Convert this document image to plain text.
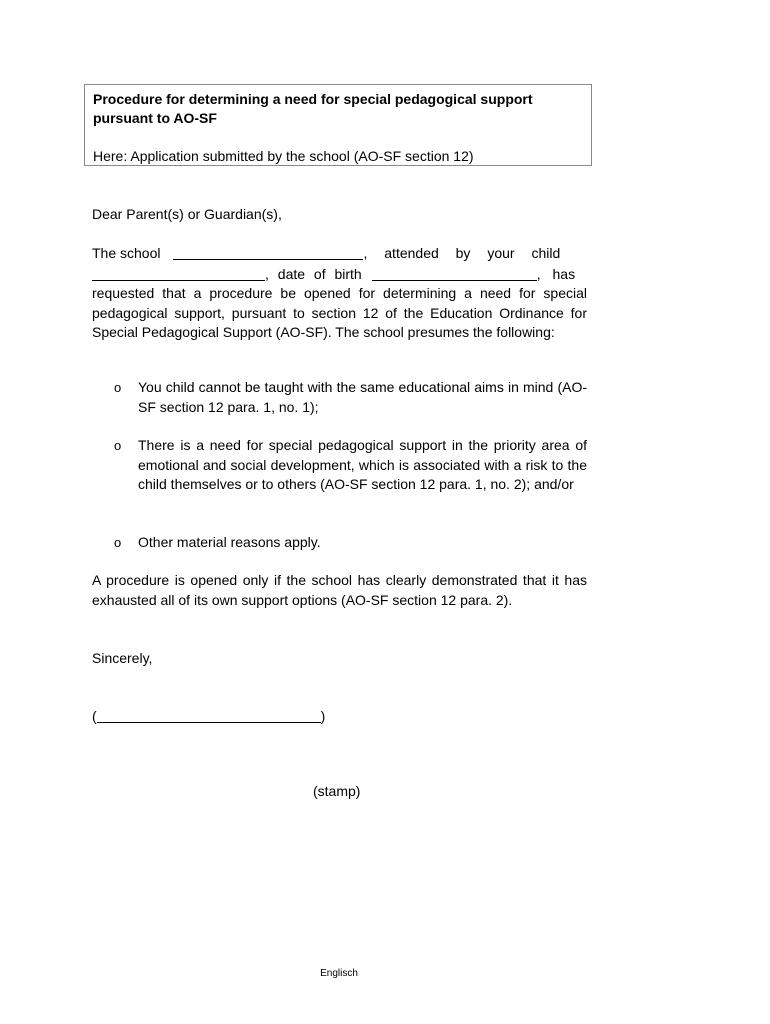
Procedure for determining a need for special pedagogical support pursuant to AO-SF

Here: Application submitted by the school (AO-SF section 12)

Dear Parent(s) or Guardian(s),

The school	, attended by your child
, date of birth	, has

requested that a procedure be opened for determining a need for special pedagogical support, pursuant to section 12 of the Education Ordinance for Special Pedagogical Support (AO-SF). The school presumes the following:

o	You child cannot be taught with the same educational aims in mind (AO-SF section 12 para. 1, no. 1);
o	There is a need for special pedagogical support in the priority area of emotional and social development, which is associated with a risk to the child themselves or to others (AO-SF section 12 para. 1, no. 2); and/or
o	Other material reasons apply.

A procedure is opened only if the school has clearly demonstrated that it has exhausted all of its own support options (AO-SF section 12 para. 2).

Sincerely,

(	)
(stamp)
Englisch
